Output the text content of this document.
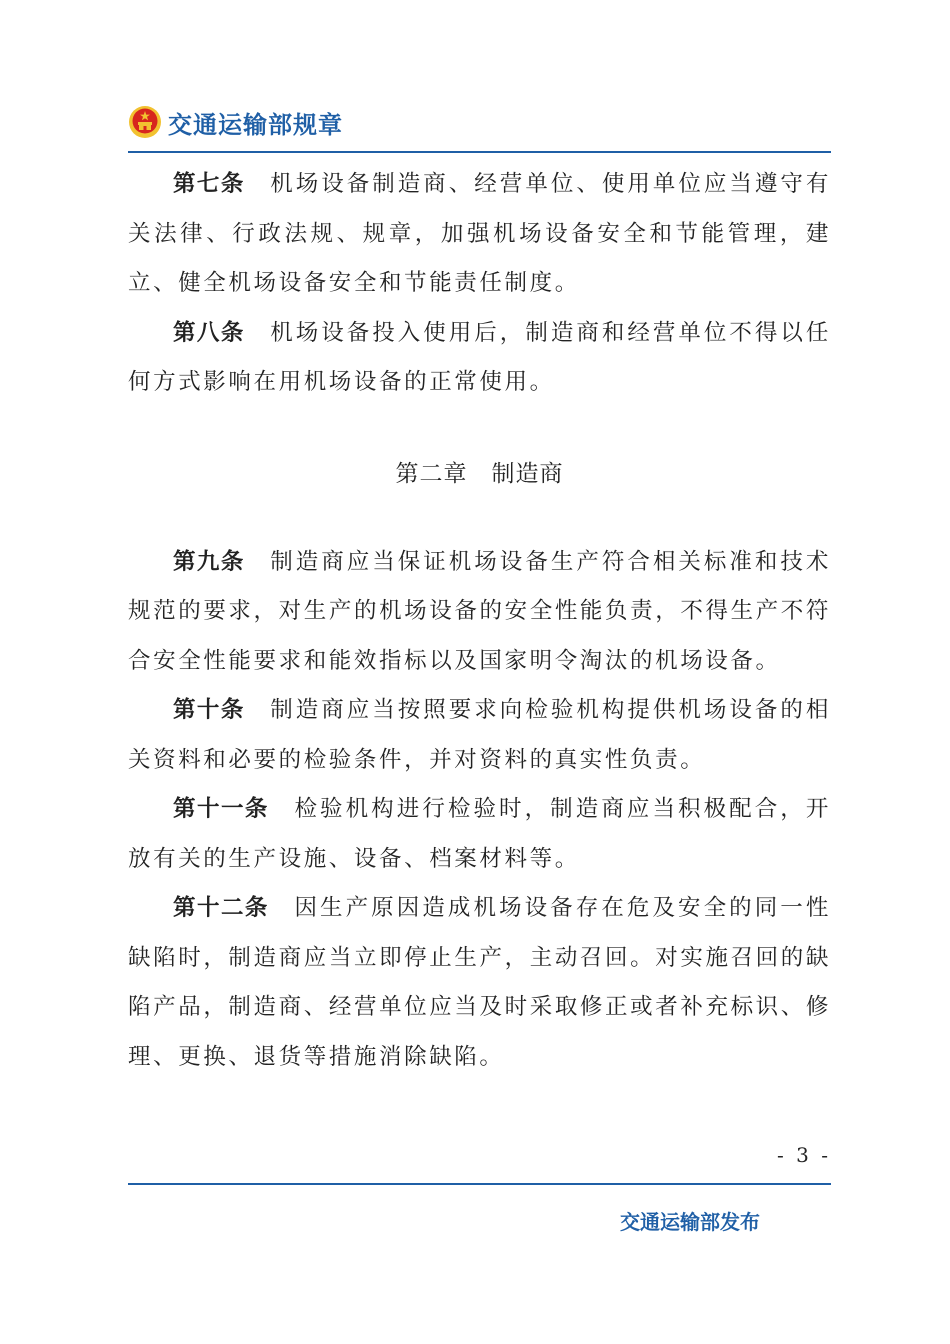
交通运输部规章

第七条　 机场设备制造商、经营单位、使用单位应当遵守有关法律、行政法规、规章，加强机场设备安全和节能管理，建立、健全机场设备安全和节能责任制度。

第八条　 机场设备投入使用后，制造商和经营单位不得以任何方式影响在用机场设备的正常使用。

第二章　制造商

第九条　 制造商应当保证机场设备生产符合相关标准和技术规范的要求，对生产的机场设备的安全性能负责，不得生产不符合安全性能要求和能效指标以及国家明令淘汰的机场设备。

第十条　 制造商应当按照要求向检验机构提供机场设备的相关资料和必要的检验条件，并对资料的真实性负责。

第十一条　 检验机构进行检验时，制造商应当积极配合，开放有关的生产设施、设备、档案材料等。

第十二条　 因生产原因造成机场设备存在危及安全的同一性缺陷时，制造商应当立即停止生产，主动召回。对实施召回的缺陷产品，制造商、经营单位应当及时采取修正或者补充标识、修理、更换、退货等措施消除缺陷。

- 3 -
交通运输部发布
